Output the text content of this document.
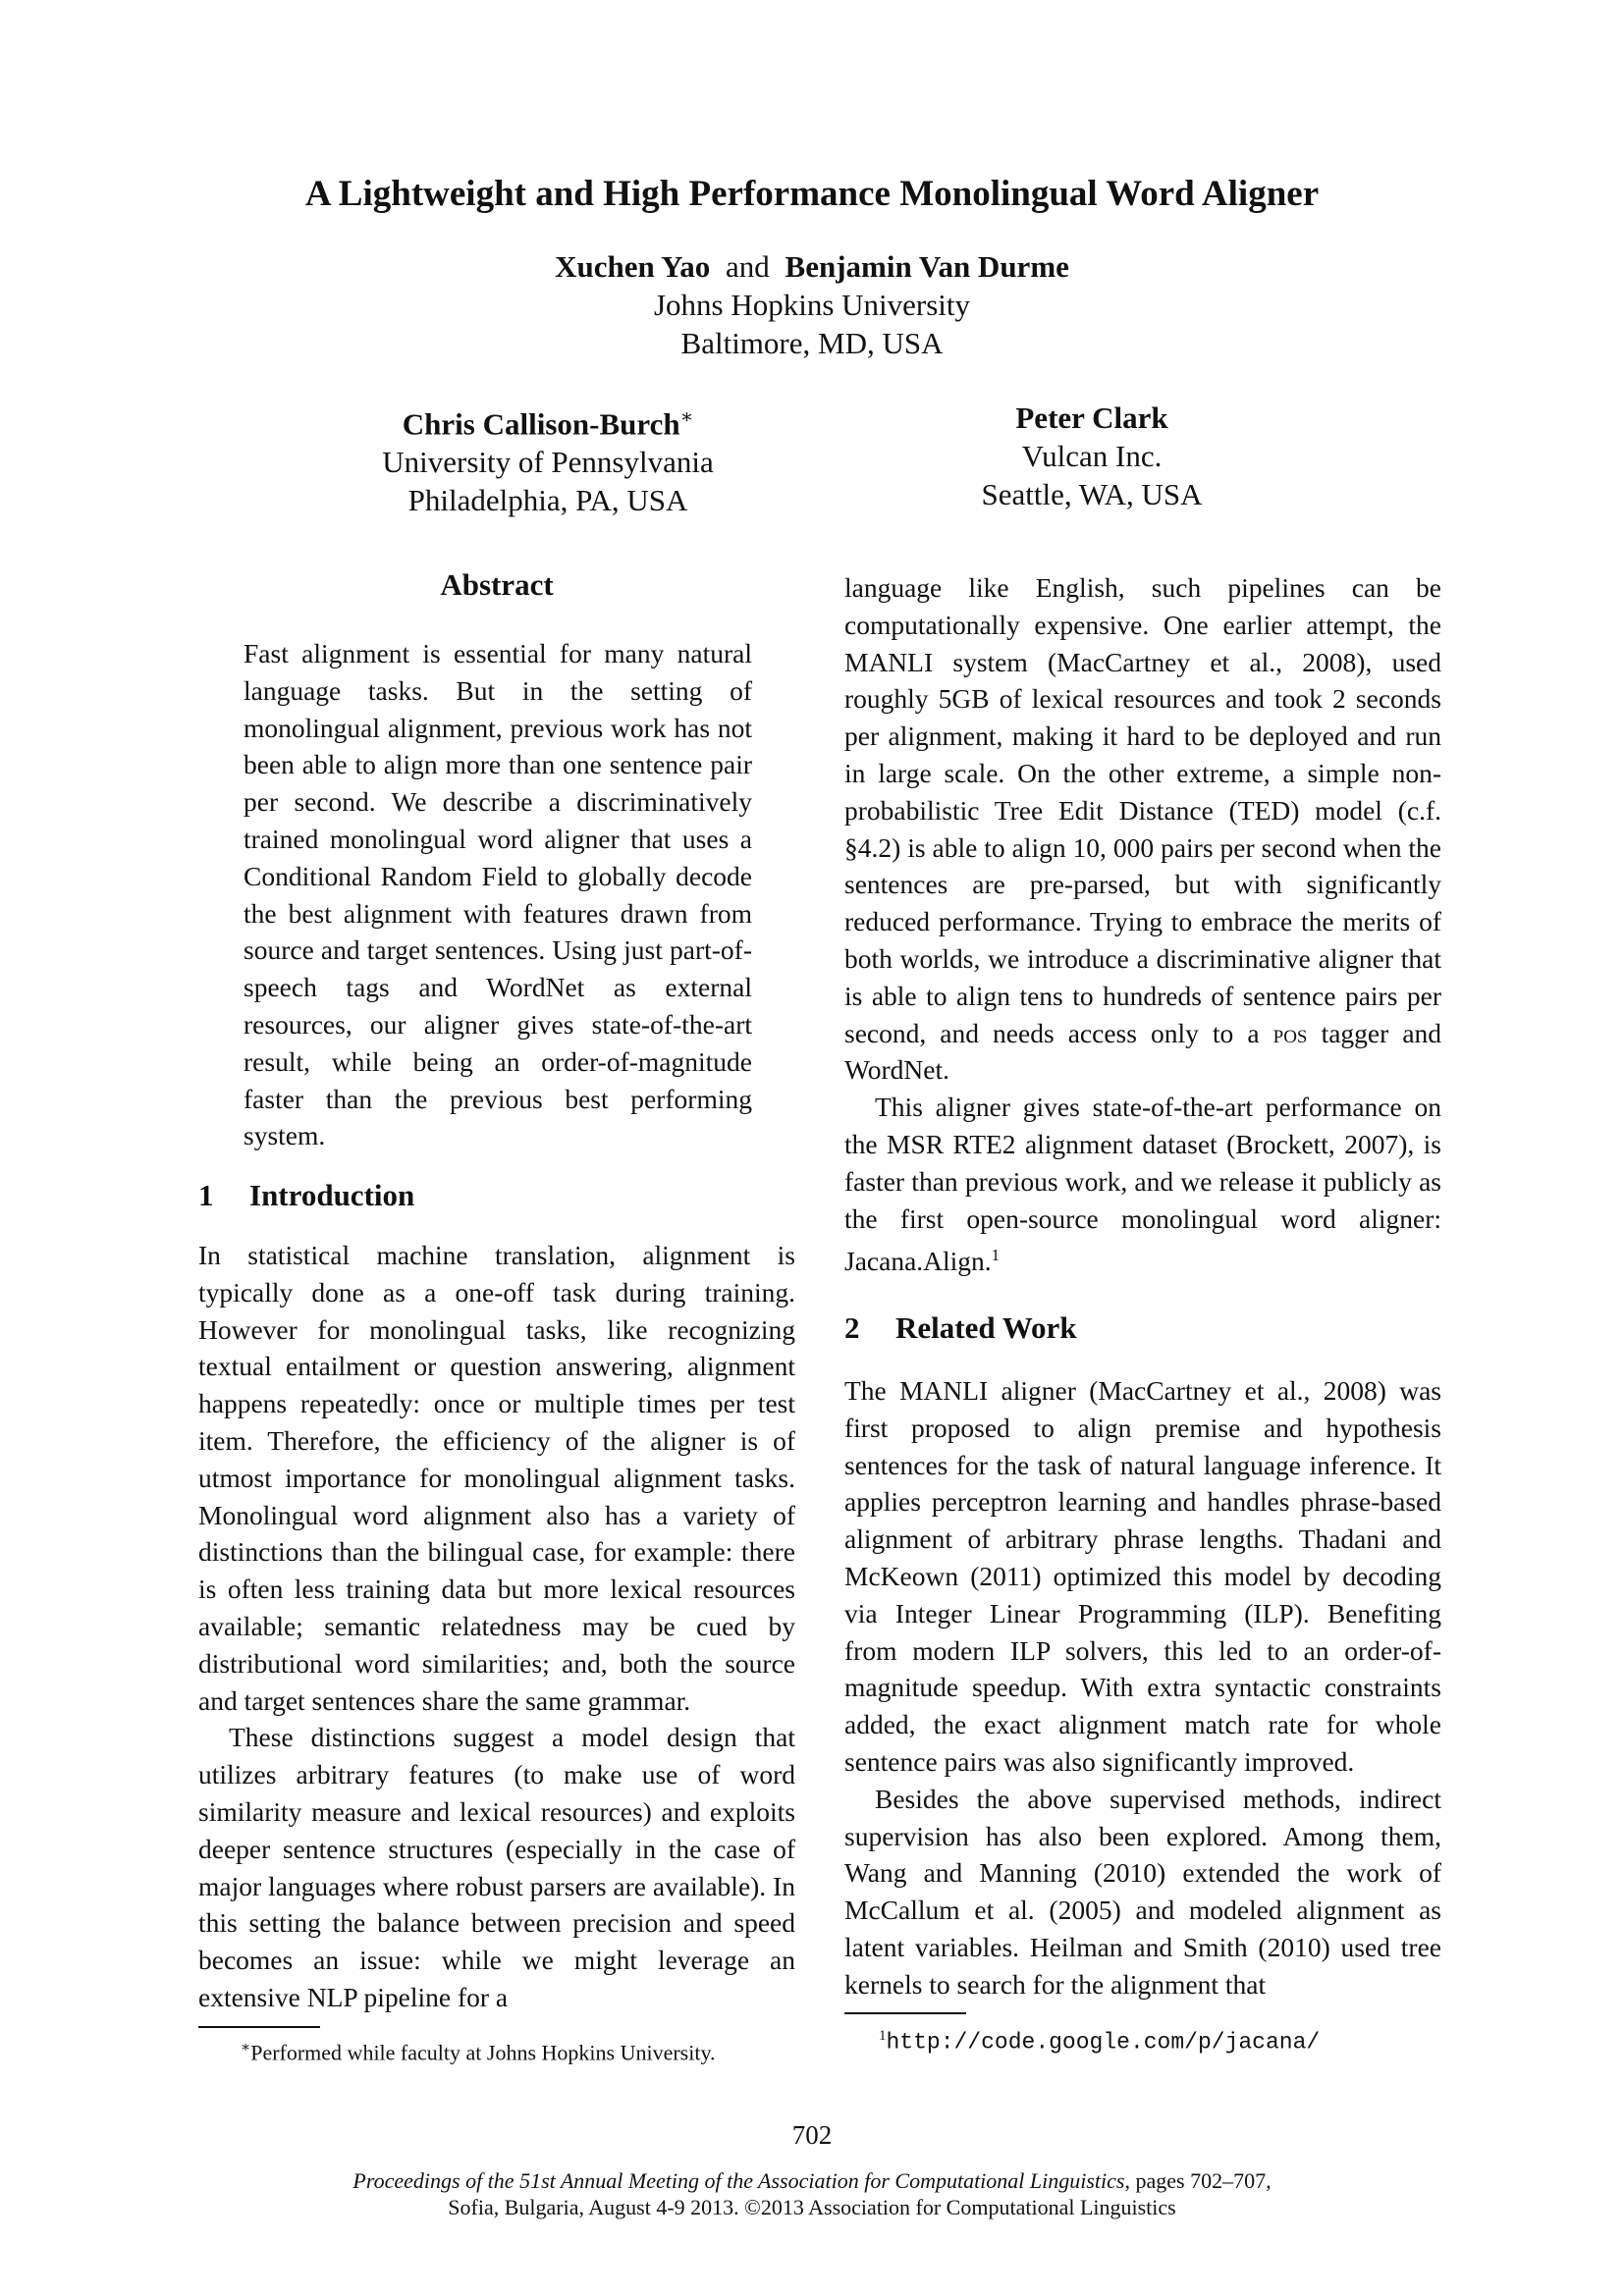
A Lightweight and High Performance Monolingual Word Aligner
Xuchen Yao and Benjamin Van Durme
Johns Hopkins University
Baltimore, MD, USA
Chris Callison-Burch∗
University of Pennsylvania
Philadelphia, PA, USA
Peter Clark
Vulcan Inc.
Seattle, WA, USA
Abstract
Fast alignment is essential for many natural language tasks. But in the setting of monolingual alignment, previous work has not been able to align more than one sentence pair per second. We describe a discriminatively trained monolingual word aligner that uses a Conditional Random Field to globally decode the best alignment with features drawn from source and target sentences. Using just part-of-speech tags and WordNet as external resources, our aligner gives state-of-the-art result, while being an order-of-magnitude faster than the previous best performing system.
1 Introduction

In statistical machine translation, alignment is typically done as a one-off task during training. However for monolingual tasks, like recognizing textual entailment or question answering, alignment happens repeatedly: once or multiple times per test item. Therefore, the efficiency of the aligner is of utmost importance for monolingual alignment tasks. Monolingual word alignment also has a variety of distinctions than the bilingual case, for example: there is often less training data but more lexical resources available; semantic relatedness may be cued by distributional word similarities; and, both the source and target sentences share the same grammar.

These distinctions suggest a model design that utilizes arbitrary features (to make use of word similarity measure and lexical resources) and exploits deeper sentence structures (especially in the case of major languages where robust parsers are available). In this setting the balance between precision and speed becomes an issue: while we might leverage an extensive NLP pipeline for a

∗Performed while faculty at Johns Hopkins University.

language like English, such pipelines can be computationally expensive. One earlier attempt, the MANLI system (MacCartney et al., 2008), used roughly 5GB of lexical resources and took 2 seconds per alignment, making it hard to be deployed and run in large scale. On the other extreme, a simple non-probabilistic Tree Edit Distance (TED) model (c.f. §4.2) is able to align 10, 000 pairs per second when the sentences are pre-parsed, but with significantly reduced performance. Trying to embrace the merits of both worlds, we introduce a discriminative aligner that is able to align tens to hundreds of sentence pairs per second, and needs access only to a pos tagger and WordNet.

This aligner gives state-of-the-art performance on the MSR RTE2 alignment dataset (Brockett, 2007), is faster than previous work, and we release it publicly as the first open-source monolingual word aligner: Jacana.Align.$^1$

2 Related Work

The MANLI aligner (MacCartney et al., 2008) was first proposed to align premise and hypothesis sentences for the task of natural language inference. It applies perceptron learning and handles phrase-based alignment of arbitrary phrase lengths. Thadani and McKeown (2011) optimized this model by decoding via Integer Linear Programming (ILP). Benefiting from modern ILP solvers, this led to an order-of-magnitude speedup. With extra syntactic constraints added, the exact alignment match rate for whole sentence pairs was also significantly improved.

Besides the above supervised methods, indirect supervision has also been explored. Among them, Wang and Manning (2010) extended the work of McCallum et al. (2005) and modeled alignment as latent variables. Heilman and Smith (2010) used tree kernels to search for the alignment that

$^1$http://code.google.com/p/jacana/
702
Proceedings of the 51st Annual Meeting of the Association for Computational Linguistics, pages 702–707,
Sofia, Bulgaria, August 4-9 2013. ©2013 Association for Computational Linguistics
